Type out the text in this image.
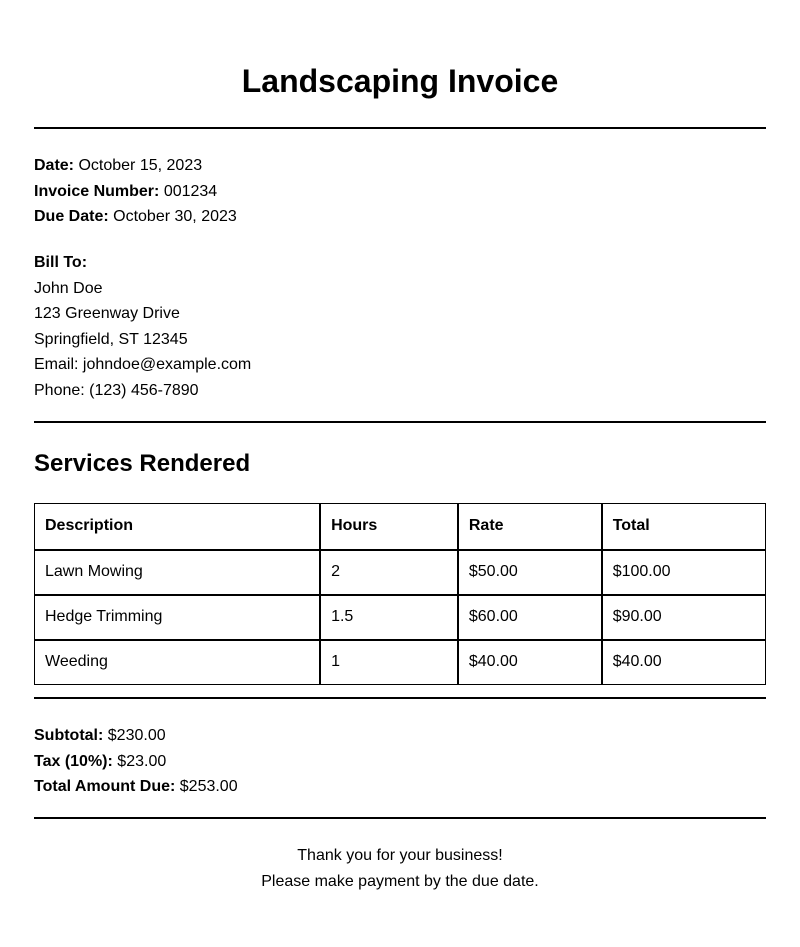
Landscaping Invoice
Date: October 15, 2023
Invoice Number: 001234
Due Date: October 30, 2023
Bill To:
John Doe
123 Greenway Drive
Springfield, ST 12345
Email: johndoe@example.com
Phone: (123) 456-7890
Services Rendered
Description	Hours	Rate	Total
Lawn Mowing	2	$50.00	$100.00
Hedge Trimming	1.5	$60.00	$90.00
Weeding	1	$40.00	$40.00
Subtotal: $230.00
Tax (10%): $23.00
Total Amount Due: $253.00
Thank you for your business!
Please make payment by the due date.
